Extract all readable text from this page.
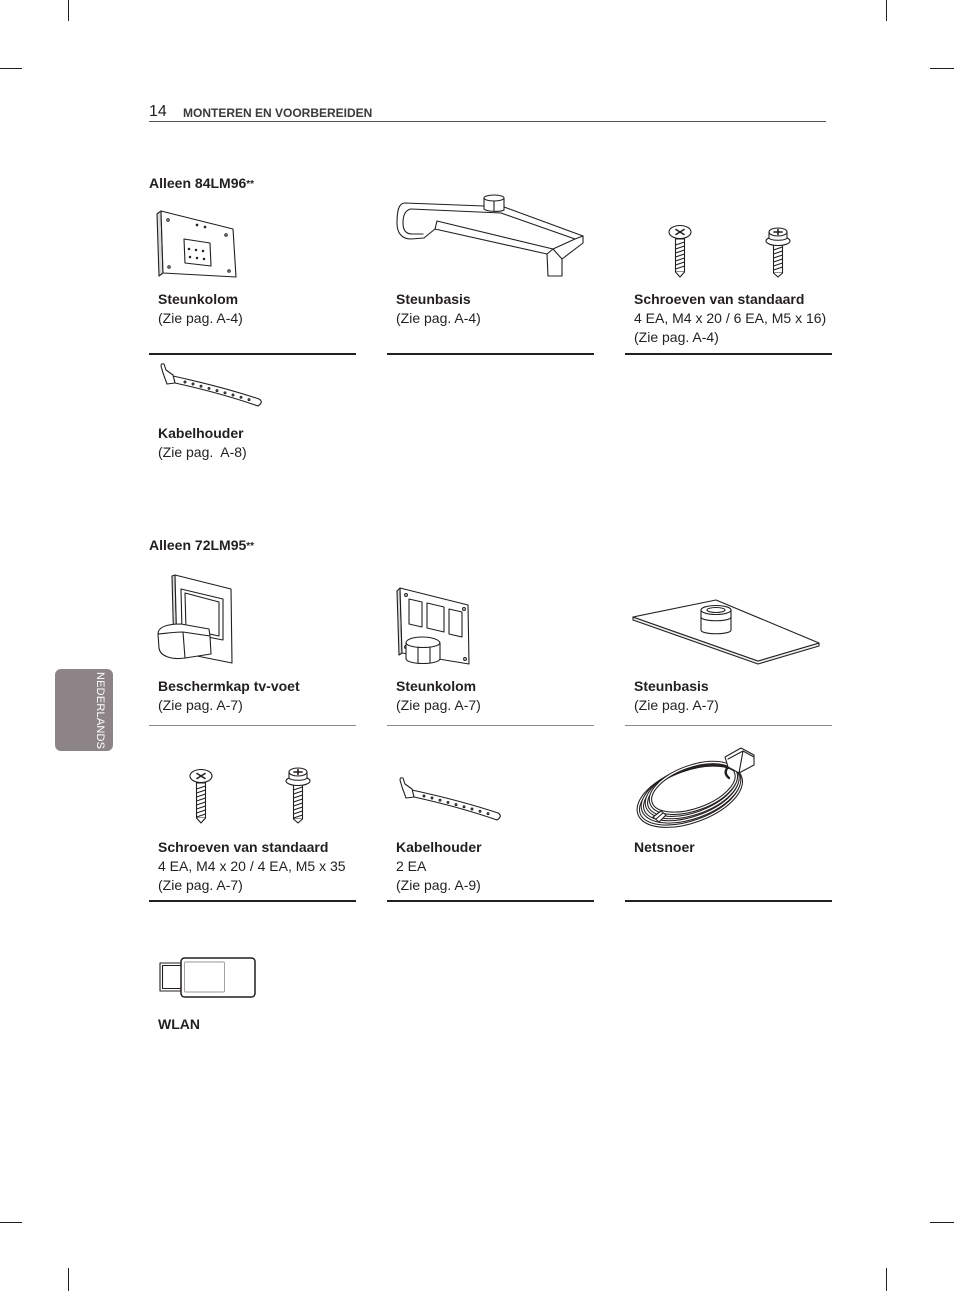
14 MONTEREN EN VOORBEREIDEN
NEDERLANDS
Alleen 84LM96**
Steunkolom
(Zie pag. A-4)
Steunbasis
(Zie pag. A-4)
Schroeven van standaard
4 EA, M4 x 20 / 6 EA, M5 x 16)
(Zie pag. A-4)
Kabelhouder
(Zie pag.  A-8)
Alleen 72LM95**
Beschermkap tv-voet
(Zie pag. A-7)
Steunkolom
(Zie pag. A-7)
Steunbasis
(Zie pag. A-7)
Schroeven van standaard
4 EA, M4 x 20 / 4 EA, M5 x 35
(Zie pag. A-7)
Kabelhouder
2 EA
(Zie pag. A-9)
Netsnoer
WLAN
